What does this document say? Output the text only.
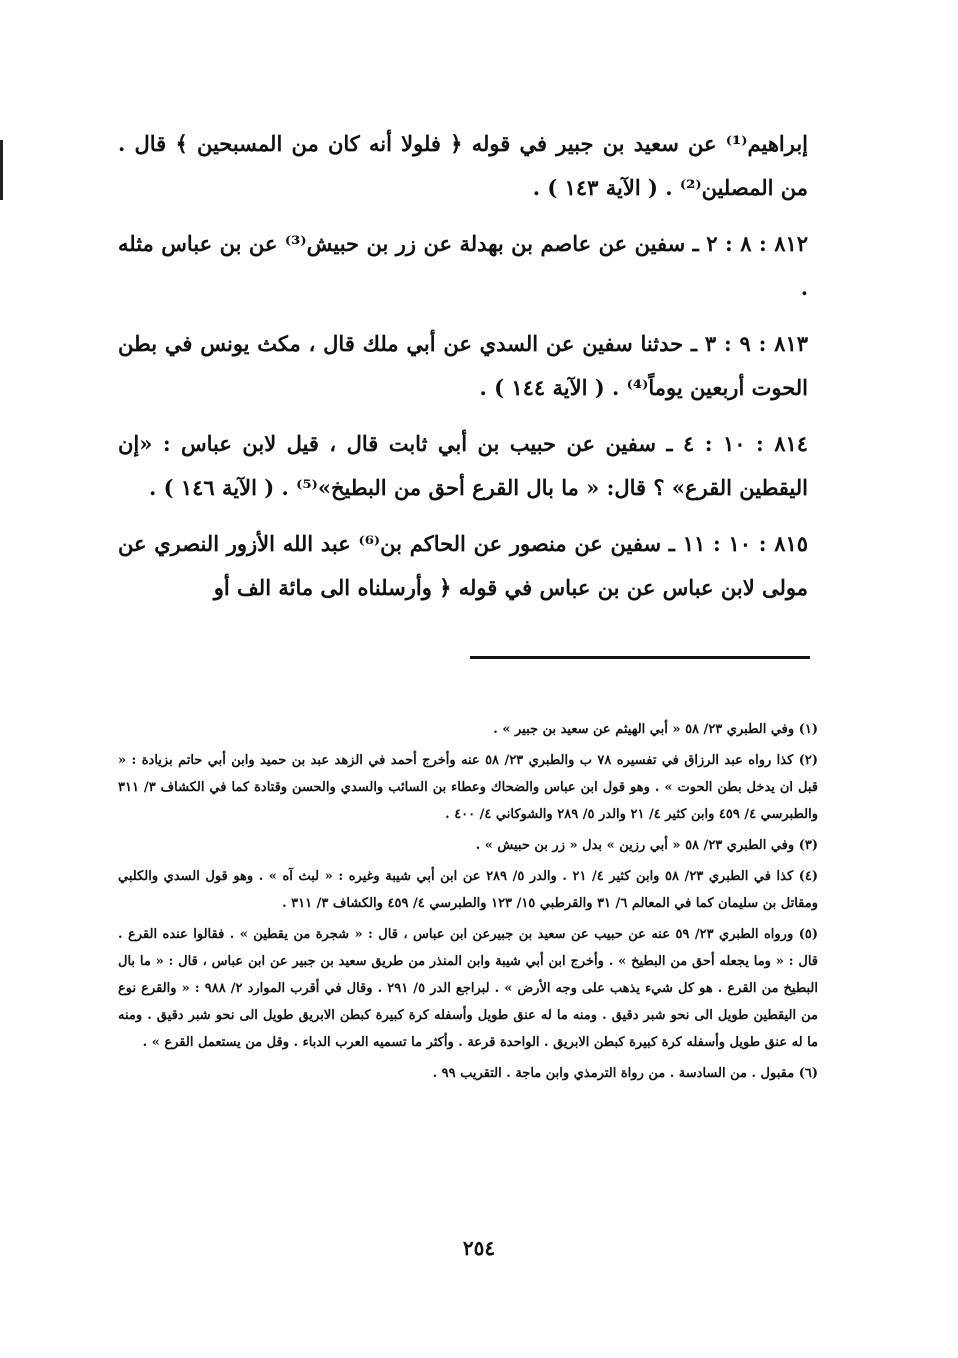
إبراهيم⁽¹⁾ عن سعيد بن جبير في قوله ﴿ فلولا أنه كان من المسبحين ﴾ قال . من المصلين⁽²⁾ . ( الآية ١٤٣ ) .

٨١٢ : ٨ : ٢ ـ سفين عن عاصم بن بهدلة عن زر بن حبيش⁽³⁾ عن بن عباس مثله .

٨١٣ : ٩ : ٣ ـ حدثنا سفين عن السدي عن أبي ملك قال ، مكث يونس في بطن الحوت أربعين يوماً⁽⁴⁾ . ( الآية ١٤٤ ) .

٨١٤ : ١٠ : ٤ ـ سفين عن حبيب بن أبي ثابت قال ، قيل لابن عباس : «إن اليقطين القرع» ؟ قال: « ما بال القرع أحق من البطيخ»⁽⁵⁾ . ( الآية ١٤٦ ) .

٨١٥ : ١٠ : ١١ ـ سفين عن منصور عن الحاكم بن⁽⁶⁾ عبد الله الأزور النصري عن مولى لابن عباس عن بن عباس في قوله ﴿ وأرسلناه الى مائة الف أو

(١) وفي الطبري ٢٣/ ٥٨ « أبي الهيثم عن سعيد بن جبير » .

(٢) كذا رواه عبد الرزاق في تفسيره ٧٨ ب والطبري ٢٣/ ٥٨ عنه وأخرج أحمد في الزهد عبد بن حميد وابن أبي حاتم بزيادة : « قبل ان يدخل بطن الحوت » . وهو قول ابن عباس والضحاك وعطاء بن السائب والسدي والحسن وقتادة كما في الكشاف ٣/ ٣١١ والطبرسي ٤/ ٤٥٩ وابن كثير ٤/ ٢١ والدر ٥/ ٢٨٩ والشوكاني ٤/ ٤٠٠ .

(٣) وفي الطبري ٢٣/ ٥٨ « أبي رزين » بدل « زر بن حبيش » .

(٤) كذا في الطبري ٢٣/ ٥٨ وابن كثير ٤/ ٢١ . والدر ٥/ ٢٨٩ عن ابن أبي شيبة وغيره : « لبث آه » . وهو قول السدي والكلبي ومقاتل بن سليمان كما في المعالم ٦/ ٣١ والقرطبي ١٥/ ١٢٣ والطبرسي ٤/ ٤٥٩ والكشاف ٣/ ٣١١ .

(٥) ورواه الطبري ٢٣/ ٥٩ عنه عن حبيب عن سعيد بن جبيرعن ابن عباس ، قال : « شجرة من يقطين » . فقالوا عنده القرع . قال : « وما يجعله أحق من البطيخ » . وأخرج ابن أبي شيبة وابن المنذر من طريق سعيد بن جبير عن ابن عباس ، قال : « ما بال البطيخ من القرع . هو كل شيء يذهب على وجه الأرض » . لبراجع الدر ٥/ ٢٩١ . وقال في أقرب الموارد ٢/ ٩٨٨ : « والقرع نوع من اليقطين طويل الى نحو شبر دقيق . ومنه ما له عنق طويل وأسفله كرة كبيرة كبطن الابريق طويل الى نحو شبر دقيق . ومنه ما له عنق طويل وأسفله كرة كبيرة كبطن الابريق . الواحدة قرعة . وأكثر ما تسميه العرب الدباء . وقل من يستعمل القرع » .

(٦) مقبول . من السادسة . من رواة الترمذي وابن ماجة . التقريب ٩٩ .

٢٥٤
